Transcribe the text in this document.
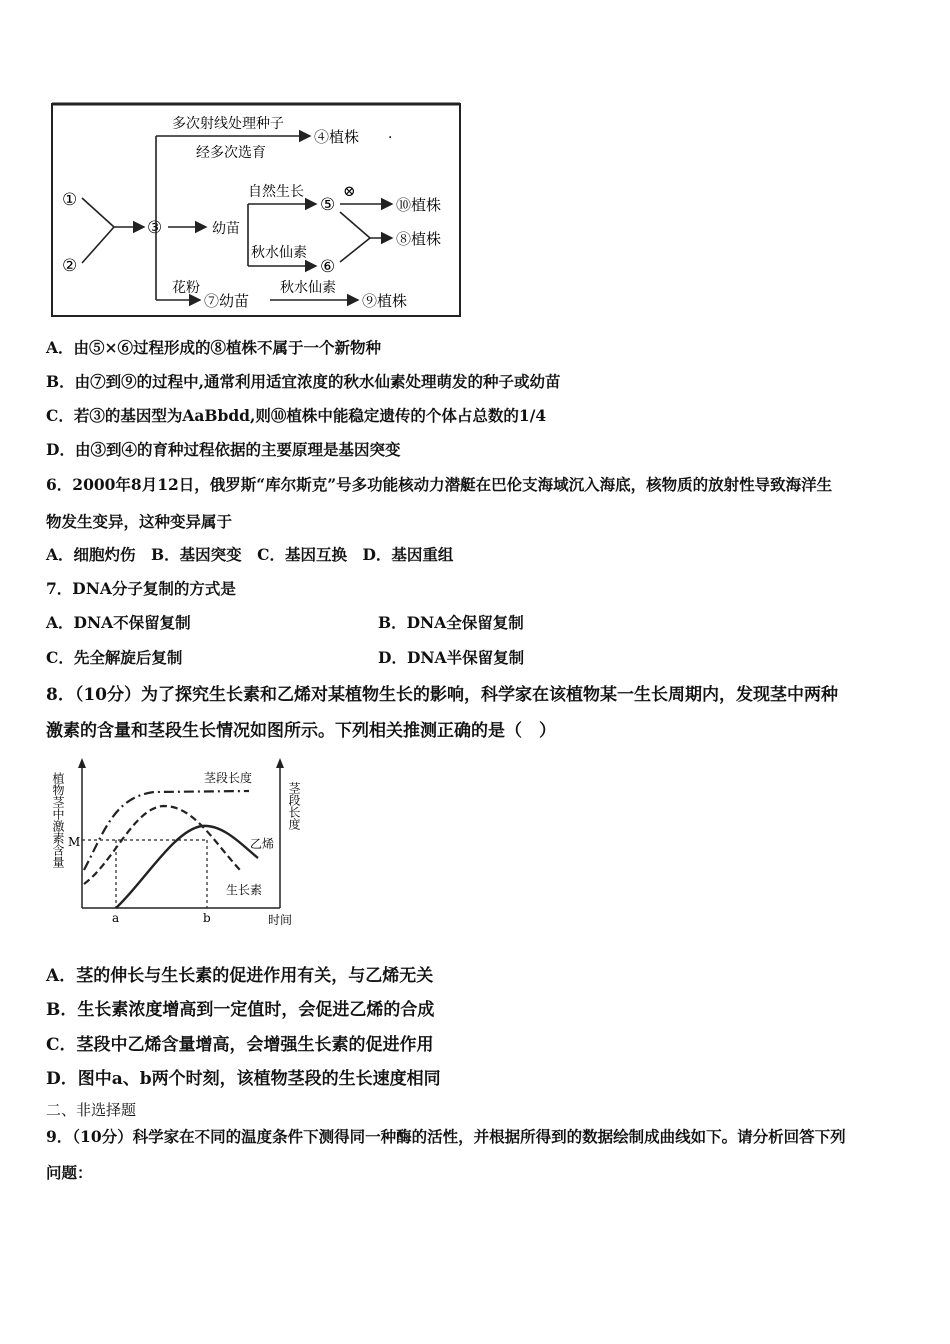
①
②
③
多次射线处理种子
经多次选育
④植株 ·
幼苗
自然生长
⑤
⊗
⑩植株
秋水仙素
⑥
⑧植株
花粉
⑦幼苗
秋水仙素
⑨植株
A．由⑤×⑥过程形成的⑧植株不属于一个新物种
B．由⑦到⑨的过程中,通常利用适宜浓度的秋水仙素处理萌发的种子或幼苗
C．若③的基因型为AaBbdd,则⑩植株中能稳定遗传的个体占总数的1/4
D．由③到④的育种过程依据的主要原理是基因突变
6．2000年8月12日，俄罗斯“库尔斯克”号多功能核动力潜艇在巴伦支海域沉入海底，核物质的放射性导致海洋生
物发生变异，这种变异属于
A．细胞灼伤　B．基因突变　C．基因互换　D．基因重组
7．DNA分子复制的方式是
A．DNA不保留复制	B．DNA全保留复制
C．先全解旋后复制	D．DNA半保留复制
8．（10分）为了探究生长素和乙烯对某植物生长的影响，科学家在该植物某一生长周期内，发现茎中两种
激素的含量和茎段生长情况如图所示。下列相关推测正确的是（　）
植物茎中激素含量	茎段长度
M
a	b	时间
茎段长度
生长素
乙烯
A．茎的伸长与生长素的促进作用有关，与乙烯无关
B．生长素浓度增高到一定值时，会促进乙烯的合成
C．茎段中乙烯含量增高，会增强生长素的促进作用
D．图中a、b两个时刻，该植物茎段的生长速度相同
二、非选择题
9．（10分）科学家在不同的温度条件下测得同一种酶的活性，并根据所得到的数据绘制成曲线如下。请分析回答下列
问题：
